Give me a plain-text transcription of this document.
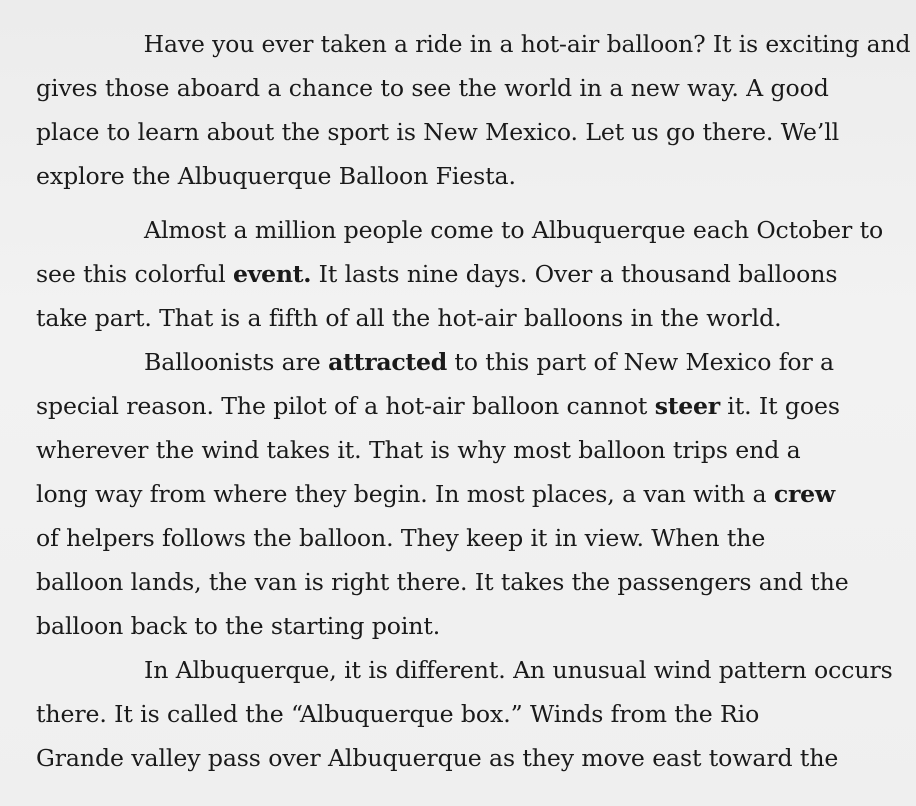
Have you ever taken a ride in a hot-air balloon? It is exciting and
gives those aboard a chance to see the world in a new way. A good
place to learn about the sport is New Mexico. Let us go there. We’ll
explore the Albuquerque Balloon Fiesta.

Almost a million people come to Albuquerque each October to
see this colorful event. It lasts nine days. Over a thousand balloons
take part. That is a fifth of all the hot-air balloons in the world.

Balloonists are attracted to this part of New Mexico for a
special reason. The pilot of a hot-air balloon cannot steer it. It goes
wherever the wind takes it. That is why most balloon trips end a
long way from where they begin. In most places, a van with a crew
of helpers follows the balloon. They keep it in view. When the
balloon lands, the van is right there. It takes the passengers and the
balloon back to the starting point.

In Albuquerque, it is different. An unusual wind pattern occurs
there. It is called the “Albuquerque box.” Winds from the Rio
Grande valley pass over Albuquerque as they move east toward the
